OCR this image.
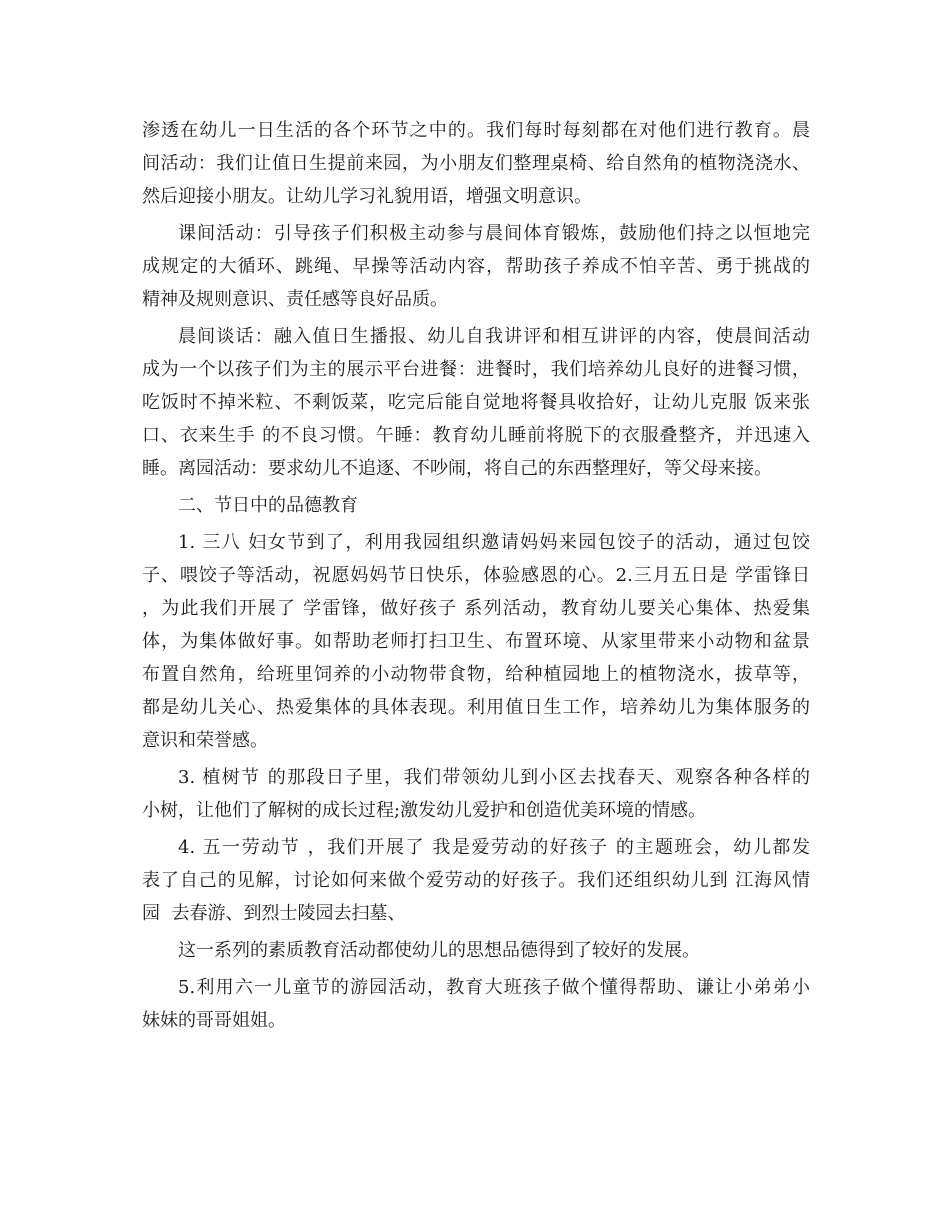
渗透在幼儿一日生活的各个环节之中的。我们每时每刻都在对他们进行教育。晨
间活动：我们让值日生提前来园，为小朋友们整理桌椅、给自然角的植物浇浇水、
然后迎接小朋友。让幼儿学习礼貌用语，增强文明意识。
课间活动：引导孩子们积极主动参与晨间体育锻炼，鼓励他们持之以恒地完
成规定的大循环、跳绳、早操等活动内容，帮助孩子养成不怕辛苦、勇于挑战的
精神及规则意识、责任感等良好品质。
晨间谈话：融入值日生播报、幼儿自我讲评和相互讲评的内容，使晨间活动
成为一个以孩子们为主的展示平台进餐：进餐时，我们培养幼儿良好的进餐习惯，
吃饭时不掉米粒、不剩饭菜，吃完后能自觉地将餐具收拾好，让幼儿克服 饭来张
口、衣来生手 的不良习惯。午睡：教育幼儿睡前将脱下的衣服叠整齐，并迅速入
睡。离园活动：要求幼儿不追逐、不吵闹，将自己的东西整理好，等父母来接。
二、节日中的品德教育
1. 三八 妇女节到了，利用我园组织邀请妈妈来园包饺子的活动，通过包饺
子、喂饺子等活动，祝愿妈妈节日快乐，体验感恩的心。2.三月五日是 学雷锋日
，为此我们开展了 学雷锋，做好孩子 系列活动，教育幼儿要关心集体、热爱集
体，为集体做好事。如帮助老师打扫卫生、布置环境、从家里带来小动物和盆景
布置自然角，给班里饲养的小动物带食物，给种植园地上的植物浇水，拔草等，
都是幼儿关心、热爱集体的具体表现。利用值日生工作，培养幼儿为集体服务的
意识和荣誉感。
3. 植树节 的那段日子里，我们带领幼儿到小区去找春天、观察各种各样的
小树，让他们了解树的成长过程;激发幼儿爱护和创造优美环境的情感。
4. 五一劳动节 ，我们开展了 我是爱劳动的好孩子 的主题班会，幼儿都发
表了自己的见解，讨论如何来做个爱劳动的好孩子。我们还组织幼儿到 江海风情
园  去春游、到烈士陵园去扫墓、
这一系列的素质教育活动都使幼儿的思想品德得到了较好的发展。
5.利用六一儿童节的游园活动，教育大班孩子做个懂得帮助、谦让小弟弟小
妹妹的哥哥姐姐。
